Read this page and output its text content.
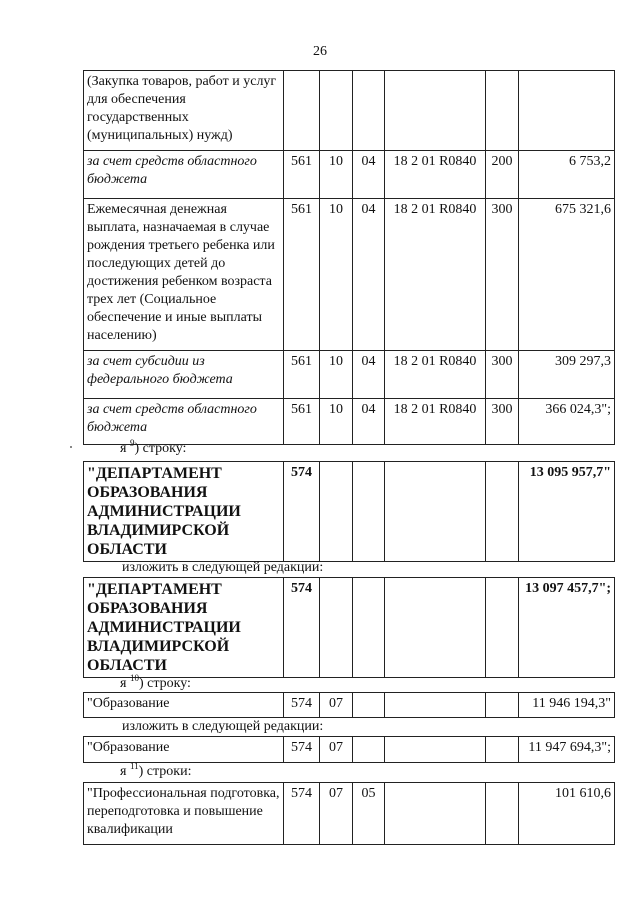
26
(Закупка товаров, работ и услуг для обеспечения государственных (муниципальных) нужд)						
за счет средств областного бюджета	561	10	04	18 2 01 R0840	200	6 753,2
Ежемесячная денежная выплата, назначаемая в случае рождения третьего ребенка или последующих детей до достижения ребенком возраста трех лет (Социальное обеспечение и иные выплаты населению)	561	10	04	18 2 01 R0840	300	675 321,6
за счет субсидии из федерального бюджета	561	10	04	18 2 01 R0840	300	309 297,3
за счет средств областного бюджета	561	10	04	18 2 01 R0840	300	366 024,3";
я $^9$) строку:
"ДЕПАРТАМЕНТ ОБРАЗОВАНИЯ АДМИНИСТРАЦИИ ВЛАДИМИРСКОЙ ОБЛАСТИ	574					13 095 957,7"
изложить в следующей редакции:
"ДЕПАРТАМЕНТ ОБРАЗОВАНИЯ АДМИНИСТРАЦИИ ВЛАДИМИРСКОЙ ОБЛАСТИ	574					13 097 457,7";
я $^{10}$) строку:
"Образование	574	07				11 946 194,3"
изложить в следующей редакции:
"Образование	574	07				11 947 694,3";
я $^{11}$) строки:
"Профессиональная подготовка, переподготовка и повышение квалификации	574	07	05			101 610,6
